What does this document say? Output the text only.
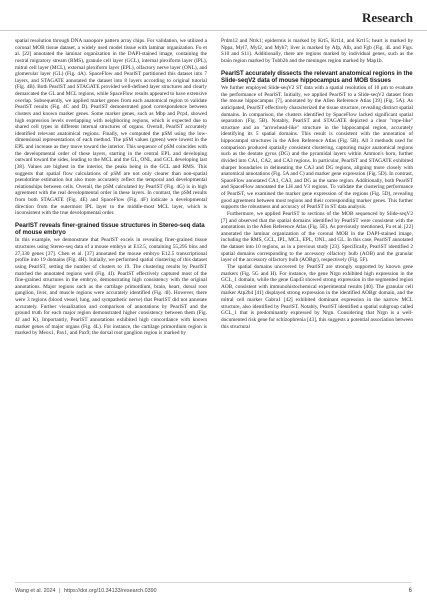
Research

spatial resolution through DNA nanopore pattern array chips. For validation, we utilized a coronal MOB tissue dataset, a widely used model tissue with laminar organization. Fu et al. [22] annotated the laminar organization in the DAPI-stained image, containing the rostral migratory stream (RMS), granule cell layer (GCL), internal plexiform layer (IPL), mitral cell layer (MCL), external plexiform layer (EPL), olfactory nerve layer (ONL), and glomerular layer (GL) (Fig. 4A). SpaceFlow and PearlST partitioned this dataset into 7 layers, and STAGATE annotated the dataset into 8 layers according to original tutorial (Fig. 4B). Both PearlST and STAGATE provided well-defined layer structures and clearly demarcated the GL and MCL regions, while SpaceFlow results appeared to have extensive overlap. Subsequently, we applied marker genes from each anatomical region to validate PearlST results (Fig. 4C and D). PearlST demonstrated good correspondence between clusters and known marker genes. Some marker genes, such as Mbp and Pcp4, showed high expression levels overlapping with neighboring regions, which is expected due to shared cell types in different internal structures of organs. Overall, PearlST accurately identified relevant anatomical regions. Finally, we computed the pSM using the low-dimensional representations of each method. The pSM values (green) were lowest in the EPL and increase as they move toward the interior. This sequence of pSM coincides with the developmental order of these layers, starting in the central EPL and developing outward toward the sides, leading to the MCL and the GL, ONL, and GCL developing last [38]. Values are highest in the interior, the peaks being in the GCL and RMS. This suggests that spatial flow calculations of pSM are not only clearer than non-spatial pseudotime estimation but also more accurately reflect the temporal and developmental relationships between cells. Overall, the pSM calculated by PearlST (Fig. 4G) is in high agreement with the real developmental order in these layers. In contrast, the pSM results from both STAGATE (Fig. 4E) and SpaceFlow (Fig. 4F) indicate a developmental direction from the outermost IPL layer to the middle-most MCL layer, which is inconsistent with the true developmental order.

PearlST reveals finer-grained tissue structures in Stereo-seq data of mouse embryo

In this example, we demonstrate that PearlST excels in revealing finer-grained tissue structures using Stereo-seq data of a mouse embryo at E12.5, containing 55,295 bins and 27,330 genes [37]. Chen et al. [37] annotated the mouse embryo E12.5 transcriptional profile into 19 domains (Fig. 4H). Initially, we performed spatial clustering of this dataset using PearlST, setting the number of clusters to 19. The clustering results by PearlST matched the annotated regions well (Fig. 4I). PearlST effectively captured most of the fine-grained structures in the embryo, demonstrating high consistency with the original annotations. Major regions such as the cartilage primordium, brain, heart, dorsal root ganglion, liver, and muscle regions were accurately identified (Fig. 4I). However, there were 3 regions (blood vessel, lung, and sympathetic nerve) that PearlST did not annotate accurately. Further visualization and comparison of annotations by PearlST and the ground truth for each major region demonstrated higher consistency between them (Fig. 4J and K). Importantly, PearlST annotations exhibited high concordance with known marker genes of major organs (Fig. 4L). For instance, the cartilage primordium region is marked by Meox1, Pax1, and Pax9; the dorsal root ganglion region is marked by

Prdm12 and Ntrk1; epidermis is marked by Krt5, Krt14, and Krt15; heart is marked by Nppa, Myl7, Myl2, and Myh7; liver is marked by Afp, Alb, and Fgb (Fig. 4L and Figs. S10 and S11). Additionally, there are regions marked by individual genes, such as the brain region marked by Tubb2b and the meninges region marked by Map1b.

PearlST accurately dissects the relevant anatomical regions in the Slide-seqV2 data of mouse hippocampus and MOB tissues

We further employed Slide-seqV2 ST data with a spatial resolution of 10 μm to evaluate the performance of PearlST. Initially, we applied PearlST to a Slide-seqV2 dataset from the mouse hippocampus [7], annotated by the Allen Reference Atlas [39] (Fig. 5A). As anticipated, PearlST effectively characterized the tissue structure, revealing distinct spatial domains. In comparison, the clusters identified by SpaceFlow lacked significant spatial separation (Fig. 5B). Notably, PearlST and STAGATE depicted a clear "rope-like" structure and an "arrowhead-like" structure in the hippocampal region, accurately identifying its 5 spatial domains. This result is consistent with the annotation of hippocampal structures in the Allen Reference Atlas (Fig. 5B). All 3 methods used for comparison produced spatially consistent clustering, capturing major anatomical regions such as the dentate gyrus (DG) and the pyramidal layers within Ammon's horn, further divided into CA1, CA2, and CA3 regions. In particular, PearlST and STAGATE exhibited sharper boundaries in delineating the CA3 and DG regions, aligning more closely with anatomical annotations (Fig. 5A and C) and marker gene expression (Fig. 5D). In contrast, SpaceFlow annotated CA1, CA3, and DG as the same region. Additionally, both PearlST and SpaceFlow annotated the LH and V3 regions. To validate the clustering performance of PearlST, we examined the marker gene expression of the regions (Fig. 5D), revealing good agreement between most regions and their corresponding marker genes. This further supports the robustness and accuracy of PearlST in ST data analysis.

Furthermore, we applied PearlST to sections of the MOB sequenced by Slide-seqV2 [7] and observed that the spatial domains identified by PearlST were consistent with the annotations in the Allen Reference Atlas (Fig. 5E). As previously mentioned, Fu et al. [22] annotated the laminar organization of the coronal MOB in the DAPI-stained image, including the RMS, GCL, IPL, MCL, EPL, ONL, and GL. In this case, PearlST annotated the dataset into 10 regions, as in a previous study [23]. Specifically, PearlST identified 2 spatial domains corresponding to the accessory olfactory bulb (AOB) and the granular layer of the accessory olfactory bulb (AOBgr), respectively (Fig. 5F).

The spatial domains uncovered by PearlST are strongly supported by known gene markers (Fig. 5G and H). For instance, the gene Nrgn exhibited high expression in the GCL_1 domain, while the gene Gap43 showed strong expression in the segmented region AOB, consistent with immunohistochemical experimental results [40]. The granular cell marker Atp2b4 [41] displayed strong expression in the identified AOBgr domain, and the mitral cell marker Gabra1 [42] exhibited dominant expression in the narrow MCL structure, also identified by PearlST. Notably, PearlST identified a spatial subgroup called GCL_1 that is predominantly expressed by Nrgn. Considering that Nrgn is a well-documented risk gene for schizophrenia [43], this suggests a potential association between this structural

Wang et al. 2024 | https://doi.org/10.34133/research.0390	6
